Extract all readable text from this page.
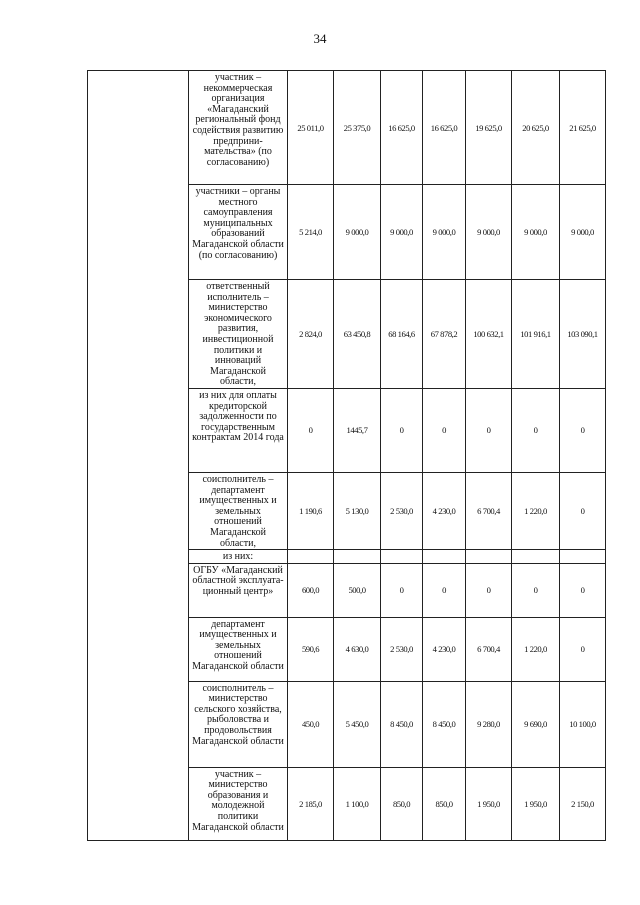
34
	участник – некоммерческая организация «Магаданский региональный фонд содействия развитию предприни-мательства» (по согласованию)	25 011,0	25 375,0	16 625,0	16 625,0	19 625,0	20 625,0	21 625,0
	участники – органы местного самоуправления муниципальных образований Магаданской области (по согласованию)	5 214,0	9 000,0	9 000,0	9 000,0	9 000,0	9 000,0	9 000,0
	ответственный исполнитель – министерство экономического развития, инвестиционной политики и инноваций Магаданской области,	2 824,0	63 450,8	68 164,6	67 878,2	100 632,1	101 916,1	103 090,1
	из них для оплаты кредиторской задолженности по государственным контрактам 2014 года	0	1445,7	0	0	0	0	0
	соисполнитель – департамент имущественных и земельных отношений Магаданской области,	1 190,6	5 130,0	2 530,0	4 230,0	6 700,4	1 220,0	0
	из них:							
	ОГБУ «Магаданский областной эксплуата-ционный центр»	600,0	500,0	0	0	0	0	0
	департамент имущественных и земельных отношений Магаданской области	590,6	4 630,0	2 530,0	4 230,0	6 700,4	1 220,0	0
	соисполнитель – министерство сельского хозяйства, рыболовства и продовольствия Магаданской области	450,0	5 450,0	8 450,0	8 450,0	9 280,0	9 690,0	10 100,0
	участник – министерство образования и молодежной политики Магаданской области	2 185,0	1 100,0	850,0	850,0	1 950,0	1 950,0	2 150,0
